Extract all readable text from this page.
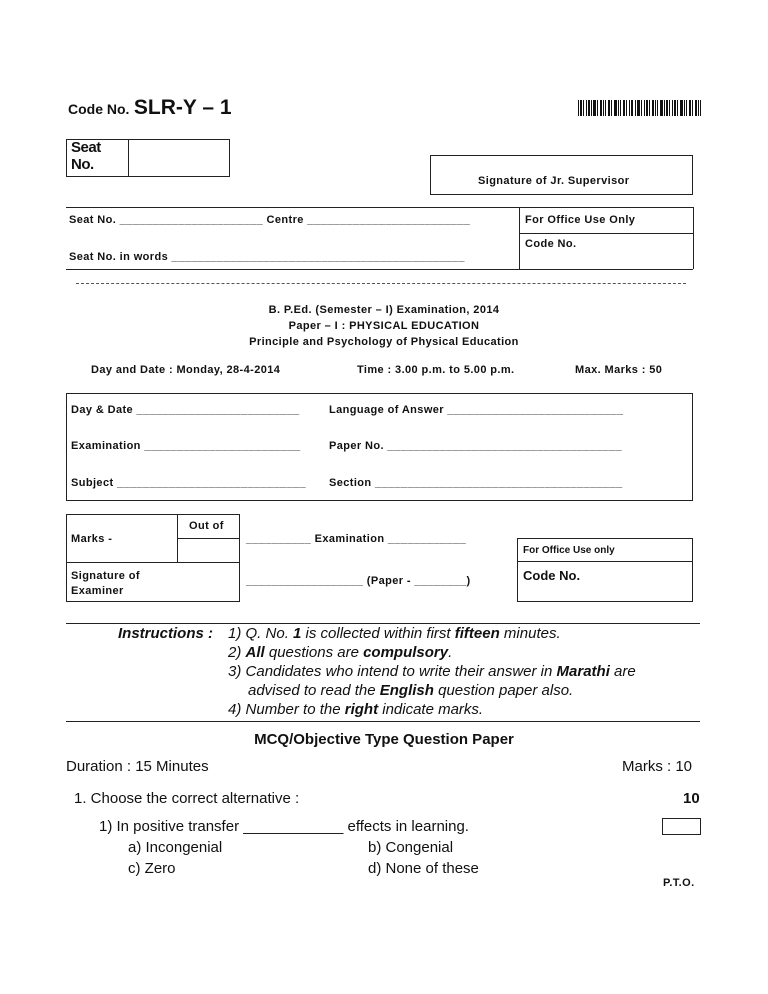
Code No. SLR-Y – 1
Seat
No.
Signature of Jr. Supervisor
Seat No. ______________________ Centre _________________________
Seat No. in words _____________________________________________
For Office Use Only
Code No.
B. P.Ed. (Semester – I) Examination, 2014
Paper – I : PHYSICAL EDUCATION
Principle and Psychology of Physical Education
Day and Date : Monday, 28-4-2014	Time : 3.00 p.m. to 5.00 p.m.	Max. Marks : 50
Day & Date _________________________	Language of Answer ___________________________
Examination ________________________	Paper No. ____________________________________
Subject _____________________________ Section ______________________________________
Marks -
Out of
Signature of
Examiner
__________ Examination ____________
__________________ (Paper - ________)
For Office Use only
Code No.
Instructions : 1) Q. No. 1 is collected within first fifteen minutes.
2) All questions are compulsory.
3) Candidates who intend to write their answer in Marathi are
advised to read the English question paper also.
4) Number to the right indicate marks.
MCQ/Objective Type Question Paper
Duration : 15 Minutes	Marks : 10
1. Choose the correct alternative :	10
1) In positive transfer ____________ effects in learning.
a) Incongenial	b) Congenial
c) Zero	d) None of these
P.T.O.
